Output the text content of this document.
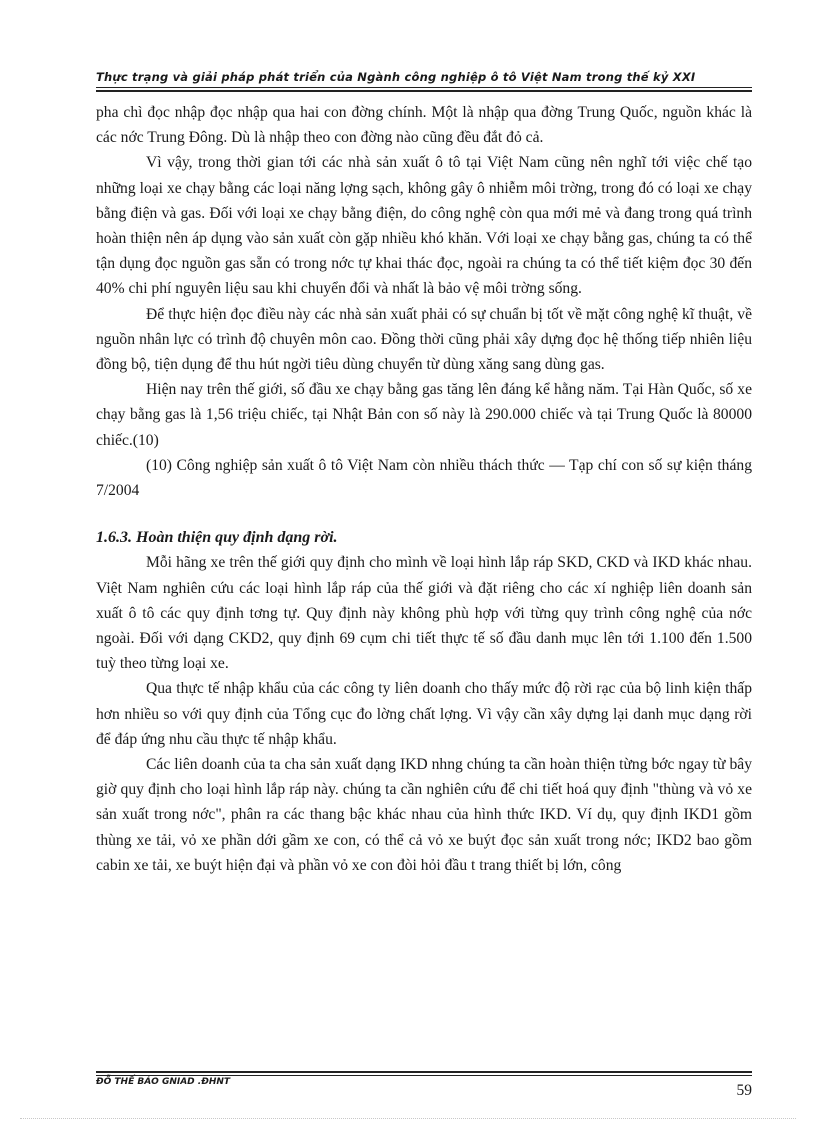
Thực trạng và giải pháp phát triển của Ngành công nghiệp ô tô Việt Nam trong thế kỷ XXI

pha chì đọc nhập đọc nhập qua hai con đờng chính. Một là nhập qua đờng Trung Quốc, nguồn khác là các nớc Trung Đông. Dù là nhập theo con đờng nào cũng đều đắt đỏ cả.

Vì vậy, trong thời gian tới các nhà sản xuất ô tô tại Việt Nam cũng nên nghĩ tới việc chế tạo những loại xe chạy bằng các loại năng lợng sạch, không gây ô nhiễm môi trờng, trong đó có loại xe chạy bằng điện và gas. Đối với loại xe chạy bằng điện, do công nghệ còn qua mới mẻ và đang trong quá trình hoàn thiện nên áp dụng vào sản xuất còn gặp nhiều khó khăn. Với loại xe chạy bằng gas, chúng ta có thể tận dụng đọc nguồn gas sẵn có trong nớc tự khai thác đọc, ngoài ra chúng ta có thể tiết kiệm đọc 30 đến 40% chi phí nguyên liệu sau khi chuyển đổi và nhất là bảo vệ môi trờng sống.

Để thực hiện đọc điều này các nhà sản xuất phải có sự chuẩn bị tốt về mặt công nghệ kĩ thuật, về nguồn nhân lực có trình độ chuyên môn cao. Đồng thời cũng phải xây dựng đọc hệ thống tiếp nhiên liệu đồng bộ, tiện dụng để thu hút ngời tiêu dùng chuyển từ dùng xăng sang dùng gas.

Hiện nay trên thế giới, số đầu xe chạy bằng gas tăng lên đáng kể hằng năm. Tại Hàn Quốc, số xe chạy bằng gas là 1,56 triệu chiếc, tại Nhật Bản con số này là 290.000 chiếc và tại Trung Quốc là 80000 chiếc.(10)

(10) Công nghiệp sản xuất ô tô Việt Nam còn nhiều thách thức — Tạp chí con số sự kiện tháng 7/2004

1.6.3. Hoàn thiện quy định dạng rời.

Mỗi hãng xe trên thế giới quy định cho mình về loại hình lắp ráp SKD, CKD và IKD khác nhau. Việt Nam nghiên cứu các loại hình lắp ráp của thế giới và đặt riêng cho các xí nghiệp liên doanh sản xuất ô tô các quy định tơng tự. Quy định này không phù hợp với từng quy trình công nghệ của nớc ngoài. Đối với dạng CKD2, quy định 69 cụm chi tiết thực tế số đầu danh mục lên tới 1.100 đến 1.500 tuỳ theo từng loại xe.

Qua thực tế nhập khẩu của các công ty liên doanh cho thấy mức độ rời rạc của bộ linh kiện thấp hơn nhiều so với quy định của Tổng cục đo lờng chất lợng. Vì vậy cần xây dựng lại danh mục dạng rời để đáp ứng nhu cầu thực tế nhập khẩu.

Các liên doanh của ta cha sản xuất dạng IKD nhng chúng ta cần hoàn thiện từng bớc ngay từ bây giờ quy định cho loại hình lắp ráp này. chúng ta cần nghiên cứu để chi tiết hoá quy định "thùng và vỏ xe sản xuất trong nớc", phân ra các thang bậc khác nhau của hình thức IKD. Ví dụ, quy định IKD1 gồm thùng xe tải, vỏ xe phần dới gầm xe con, có thể cả vỏ xe buýt đọc sản xuất trong nớc; IKD2 bao gồm cabin xe tải, xe buýt hiện đại và phần vỏ xe con đòi hỏi đầu t trang thiết bị lớn, công

ĐỖ THẾ BẢO GNIAD .ĐHNT	59
